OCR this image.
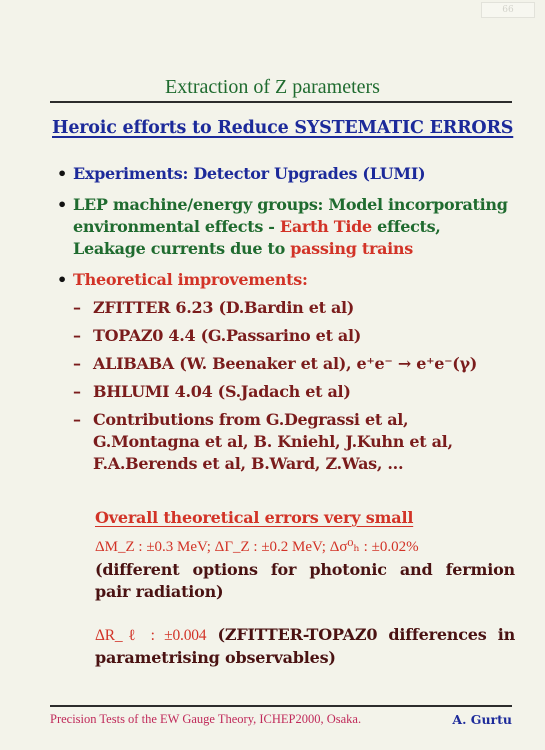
66
Extraction of Z parameters
Heroic efforts to Reduce SYSTEMATIC ERRORS
• Experiments: Detector Upgrades (LUMI)
• LEP machine/energy groups: Model incorporating environmental effects - Earth Tide effects, Leakage currents due to passing trains
• Theoretical improvements:
– ZFITTER 6.23 (D.Bardin et al)
– TOPAZ0 4.4 (G.Passarino et al)
– ALIBABA (W. Beenaker et al), e⁺e⁻ → e⁺e⁻(γ)
– BHLUMI 4.04 (S.Jadach et al)
– Contributions from G.Degrassi et al, G.Montagna et al, B. Kniehl, J.Kuhn et al, F.A.Berends et al, B.Ward, Z.Was, ...
Overall theoretical errors very small
ΔM_Z : ±0.3 MeV; ΔΓ_Z : ±0.2 MeV; Δσ⁰ₕ : ±0.02%
(different options for photonic and fermion pair radiation)
ΔR_ℓ : ±0.004 (ZFITTER-TOPAZ0 differences in parametrising observables)
Precision Tests of the EW Gauge Theory, ICHEP2000, Osaka.	A. Gurtu
